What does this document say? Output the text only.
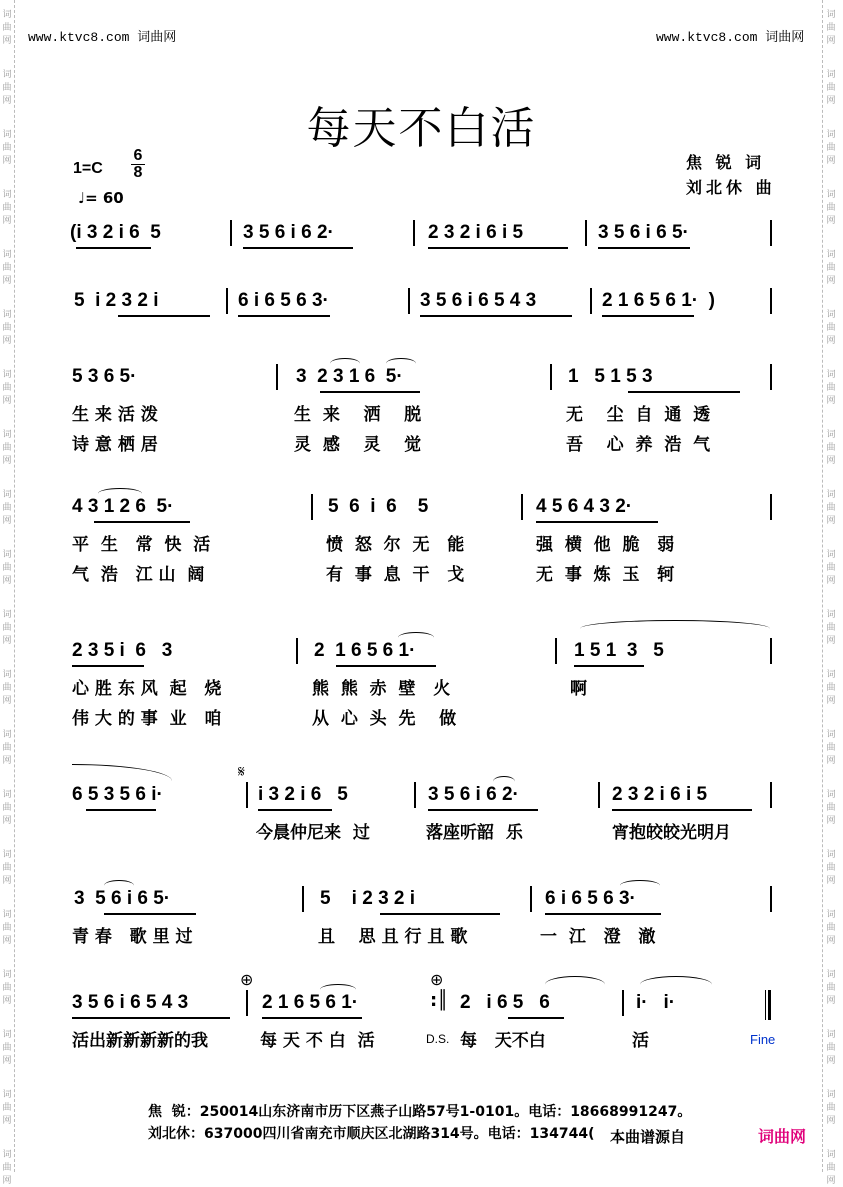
词
曲
网
词
曲
网
词
曲
网
词
曲
网
词
曲
网
词
曲
网
词
曲
网
词
曲
网
词
曲
网
词
曲
网
词
曲
网
词
曲
网
词
曲
网
词
曲
网
词
曲
网
词
曲
网
词
曲
网
词
曲
网
词
曲
网
词
曲
网
词
曲
网
词
曲
网
词
曲
网
词
曲
网
词
曲
网
词
曲
网
词
曲
网
词
曲
网
词
曲
网
词
曲
网
词
曲
网
词
曲
网
词
曲
网
词
曲
网
词
曲
网
词
曲
网
词
曲
网
词
曲
网
词
曲
网
词
曲
网
www.ktvc8.com 词曲网	www.ktvc8.com 词曲网
每天不白活
1=C
6
8
♩= 60
焦 锐 词
刘北休 曲
(i 3 2 i 6  5	3 5 6 i 6 2·	2 3 2 i 6 i 5	3 5 6 i 6 5·
5  i 2 3 2 i	6 i 6 5 6 3·	3 5 6 i 6 5 4 3	2 1 6 5 6 1·  )
5 3 6 5·	3  2 3 1 6  5·	1   5 1 5 3
生 来 活 泼	生  来    洒    脱	无    尘  自  通  透
诗 意 栖 居	灵  感    灵    觉	吾    心  养  浩  气
4 3 1 2 6  5·	5  6  i  6    5	4 5 6 4 3 2·
平  生   常  快  活	愤  怒  尔  无   能	强  横  他  脆   弱
气  浩   江 山  阔	有  事  息  干   戈	无  事  炼  玉   轲
2 3 5 i  6   3	2  1 6 5 6 1·	1 5 1  3   5
心 胜 东 风  起   烧	熊  熊  赤  壁   火	啊
伟 大 的 事  业   咱	从  心  头  先    做
6 5 3 5 6 i·
𝄋
i 3 2 i 6   5	3 5 6 i 6 2·	2 3 2 i 6 i 5
今晨仲尼来  过	落座听韶  乐	宵抱皎皎光明月
3  5 6 i 6 5·	5    i 2 3 2 i	6 i 6 5 6 3·
青 春   歌 里 过	且    思 且 行 且 歌	一  江   澄   澈
3 5 6 i 6 5 4 3
⊕
2 1 6 5 6 1·
⊕
:║ 2   i 6 5   6	i·   i·
活出新新新新的我	每 天 不 白  活	D.S. 每   天不白	活	Fine
焦  锐：250014山东济南市历下区燕子山路57号1-0101。电话：18668991247。
刘北休：637000四川省南充市顺庆区北湖路314号。电话：134744( 本曲谱源自	词曲网
